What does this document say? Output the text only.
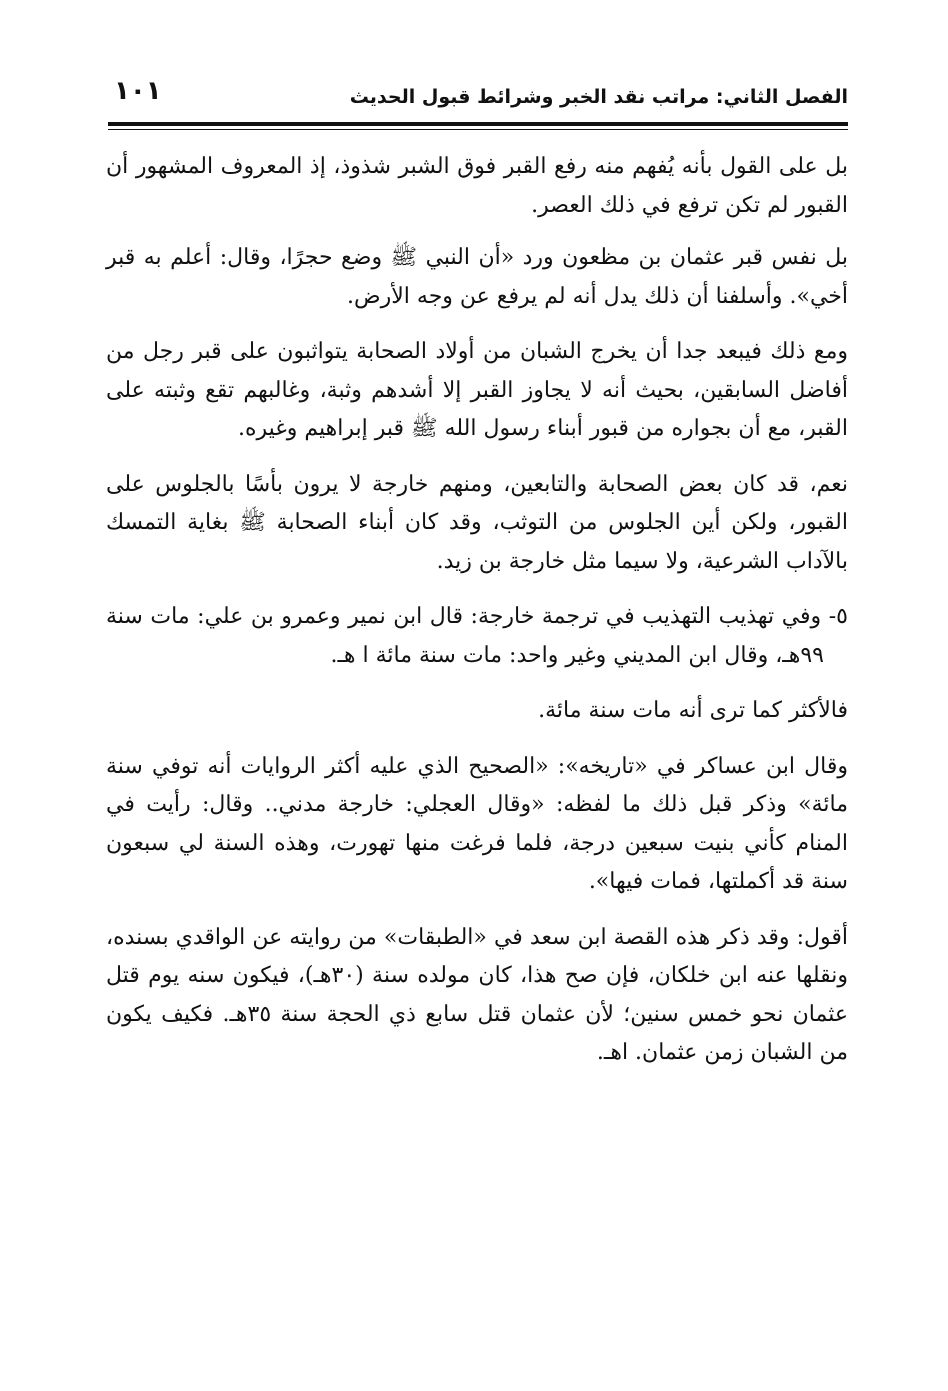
الفصل الثاني: مراتب نقد الخبر وشرائط قبول الحديث
١٠١

بل على القول بأنه يُفهم منه رفع القبر فوق الشبر شذوذ، إذ المعروف المشهور أن القبور لم تكن ترفع في ذلك العصر.

بل نفس قبر عثمان بن مظعون ورد «أن النبي ﷺ وضع حجرًا، وقال: أعلم به قبر أخي». وأسلفنا أن ذلك يدل أنه لم يرفع عن وجه الأرض.

ومع ذلك فيبعد جدا أن يخرج الشبان من أولاد الصحابة يتواثبون على قبر رجل من أفاضل السابقين، بحيث أنه لا يجاوز القبر إلا أشدهم وثبة، وغالبهم تقع وثبته على القبر، مع أن بجواره من قبور أبناء رسول الله ﷺ قبر إبراهيم وغيره.

نعم، قد كان بعض الصحابة والتابعين، ومنهم خارجة لا يرون بأسًا بالجلوس على القبور، ولكن أين الجلوس من التوثب، وقد كان أبناء الصحابة ﷺ بغاية التمسك بالآداب الشرعية، ولا سيما مثل خارجة بن زيد.

٥- وفي تهذيب التهذيب في ترجمة خارجة: قال ابن نمير وعمرو بن علي: مات سنة ٩٩هـ، وقال ابن المديني وغير واحد: مات سنة مائة ا هـ.

فالأكثر كما ترى أنه مات سنة مائة.

وقال ابن عساكر في «تاريخه»: «الصحيح الذي عليه أكثر الروايات أنه توفي سنة مائة» وذكر قبل ذلك ما لفظه: «وقال العجلي: خارجة مدني.. وقال: رأيت في المنام كأني بنيت سبعين درجة، فلما فرغت منها تهورت، وهذه السنة لي سبعون سنة قد أكملتها، فمات فيها».

أقول: وقد ذكر هذه القصة ابن سعد في «الطبقات» من روايته عن الواقدي بسنده، ونقلها عنه ابن خلكان، فإن صح هذا، كان مولده سنة (٣٠هـ)، فيكون سنه يوم قتل عثمان نحو خمس سنين؛ لأن عثمان قتل سابع ذي الحجة سنة ٣٥هـ. فكيف يكون من الشبان زمن عثمان. اهـ.
